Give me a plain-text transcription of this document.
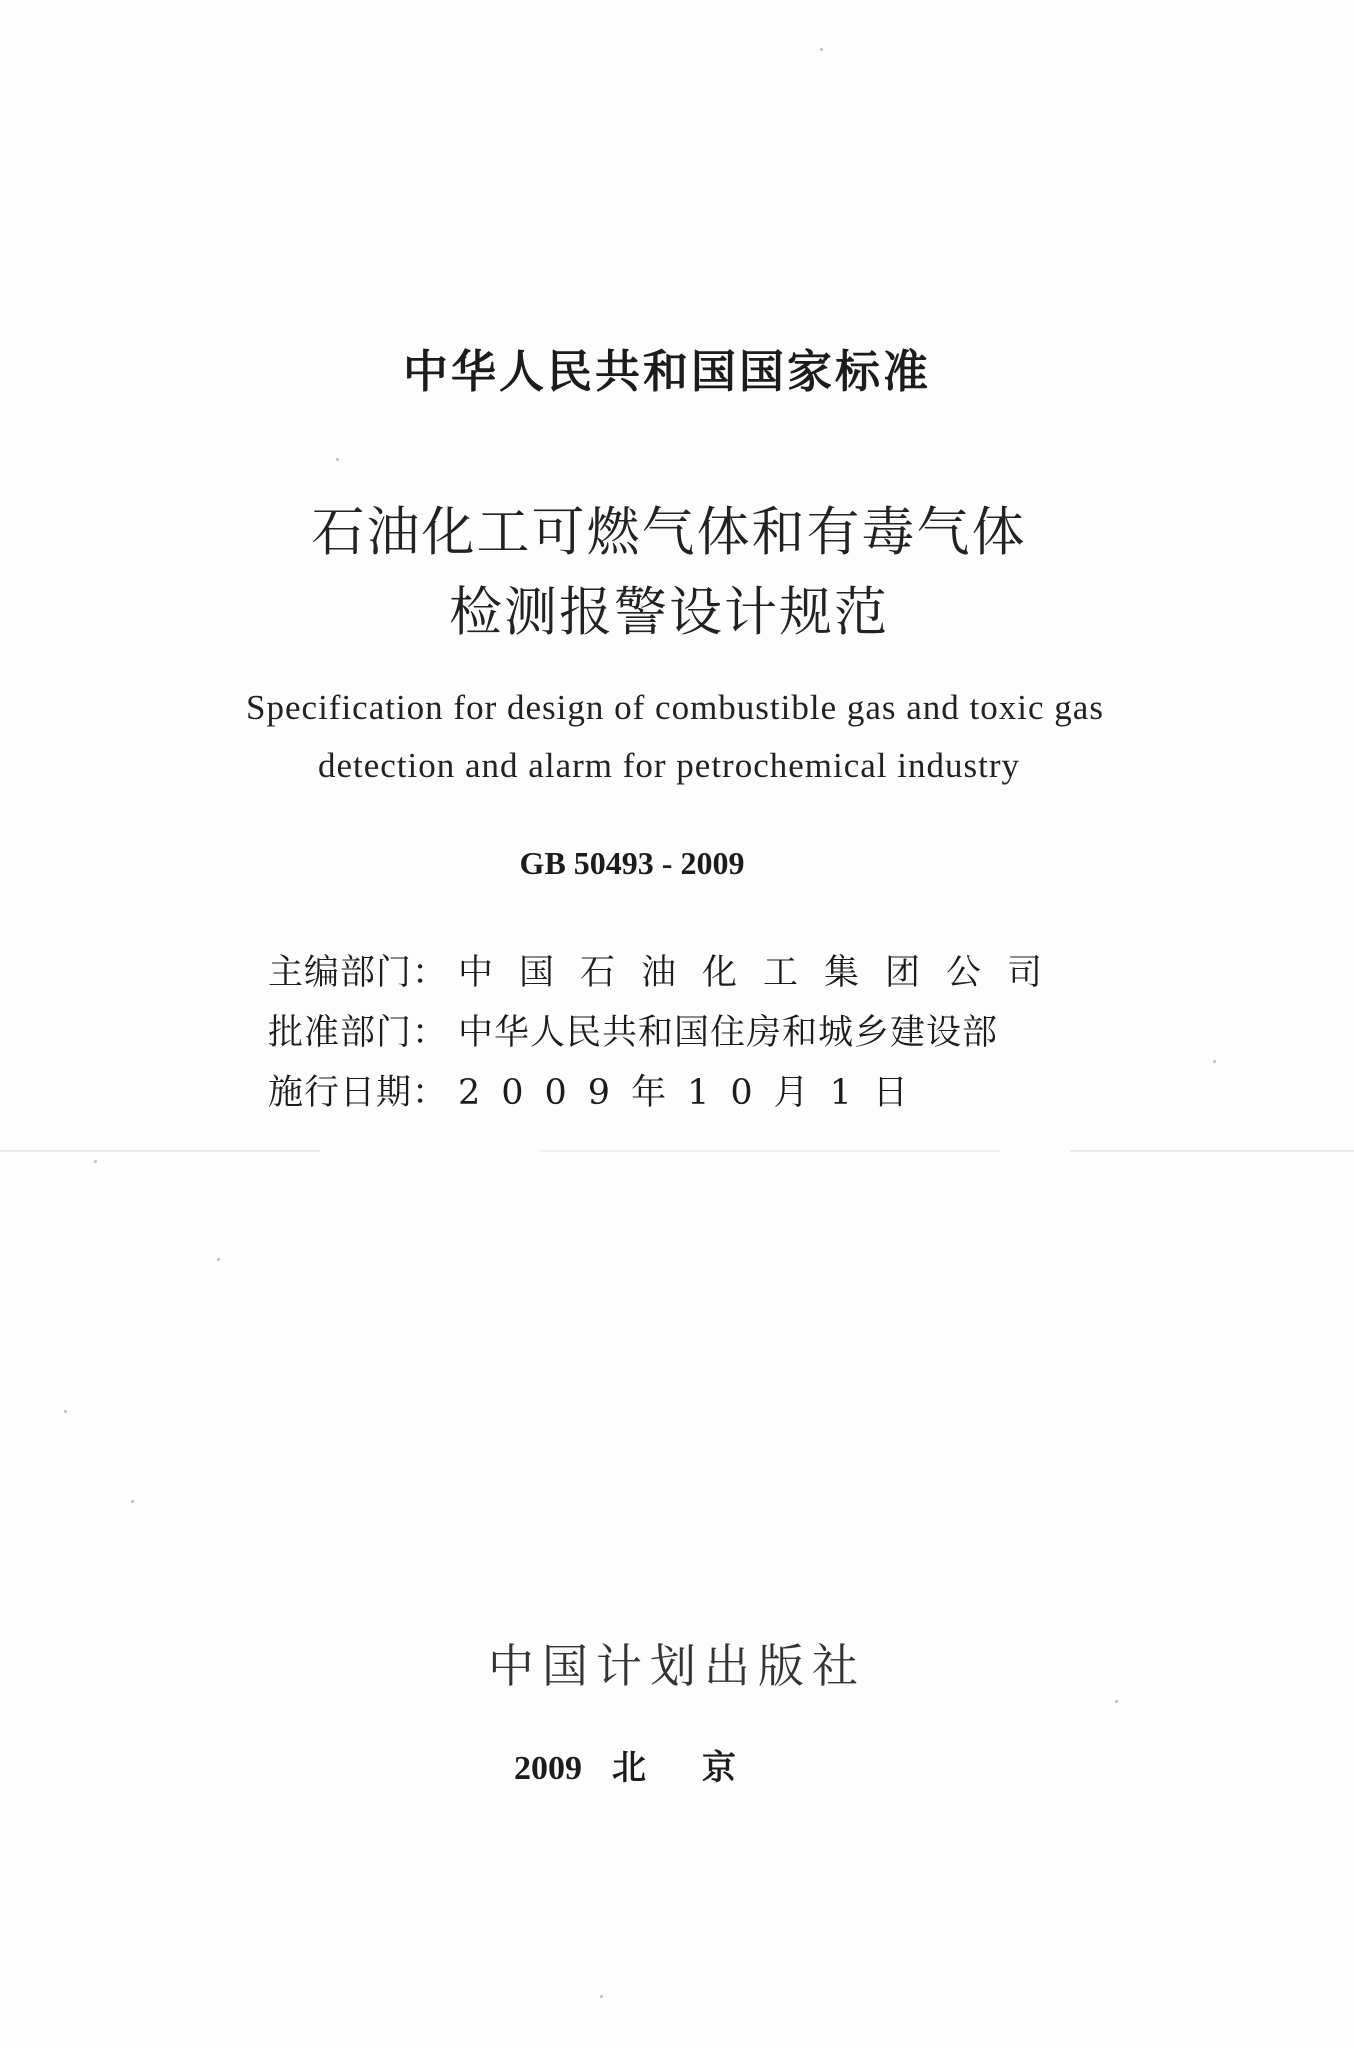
中华人民共和国国家标准
石油化工可燃气体和有毒气体
检测报警设计规范
Specification for design of combustible gas and toxic gas
detection and alarm for petrochemical industry
GB 50493 - 2009
主编部门： 中国石油化工集团公司
批准部门： 中华人民共和国住房和城乡建设部
施行日期： 2009年10月1日
中国计划出版社
2009 北 京
